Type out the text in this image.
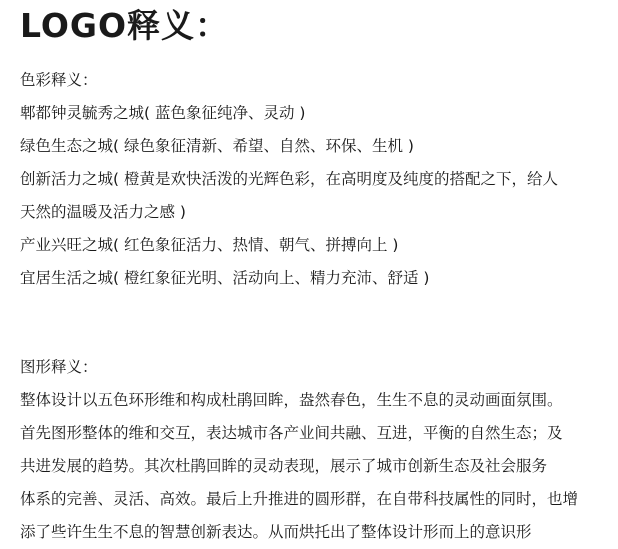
LOGO释义：
色彩释义：
郫都钟灵毓秀之城( 蓝色象征纯净、灵动 )
绿色生态之城( 绿色象征清新、希望、自然、环保、生机 )
创新活力之城( 橙黄是欢快活泼的光辉色彩，在高明度及纯度的搭配之下，给人
天然的温暖及活力之感 )
产业兴旺之城( 红色象征活力、热情、朝气、拼搏向上 )
宜居生活之城( 橙红象征光明、活动向上、精力充沛、舒适 )
图形释义：
整体设计以五色环形维和构成杜鹃回眸，盎然春色，生生不息的灵动画面氛围。
首先图形整体的维和交互，表达城市各产业间共融、互进，平衡的自然生态；及
共进发展的趋势。其次杜鹃回眸的灵动表现，展示了城市创新生态及社会服务
体系的完善、灵活、高效。最后上升推进的圆形群，在自带科技属性的同时，也增
添了些许生生不息的智慧创新表达。从而烘托出了整体设计形而上的意识形
